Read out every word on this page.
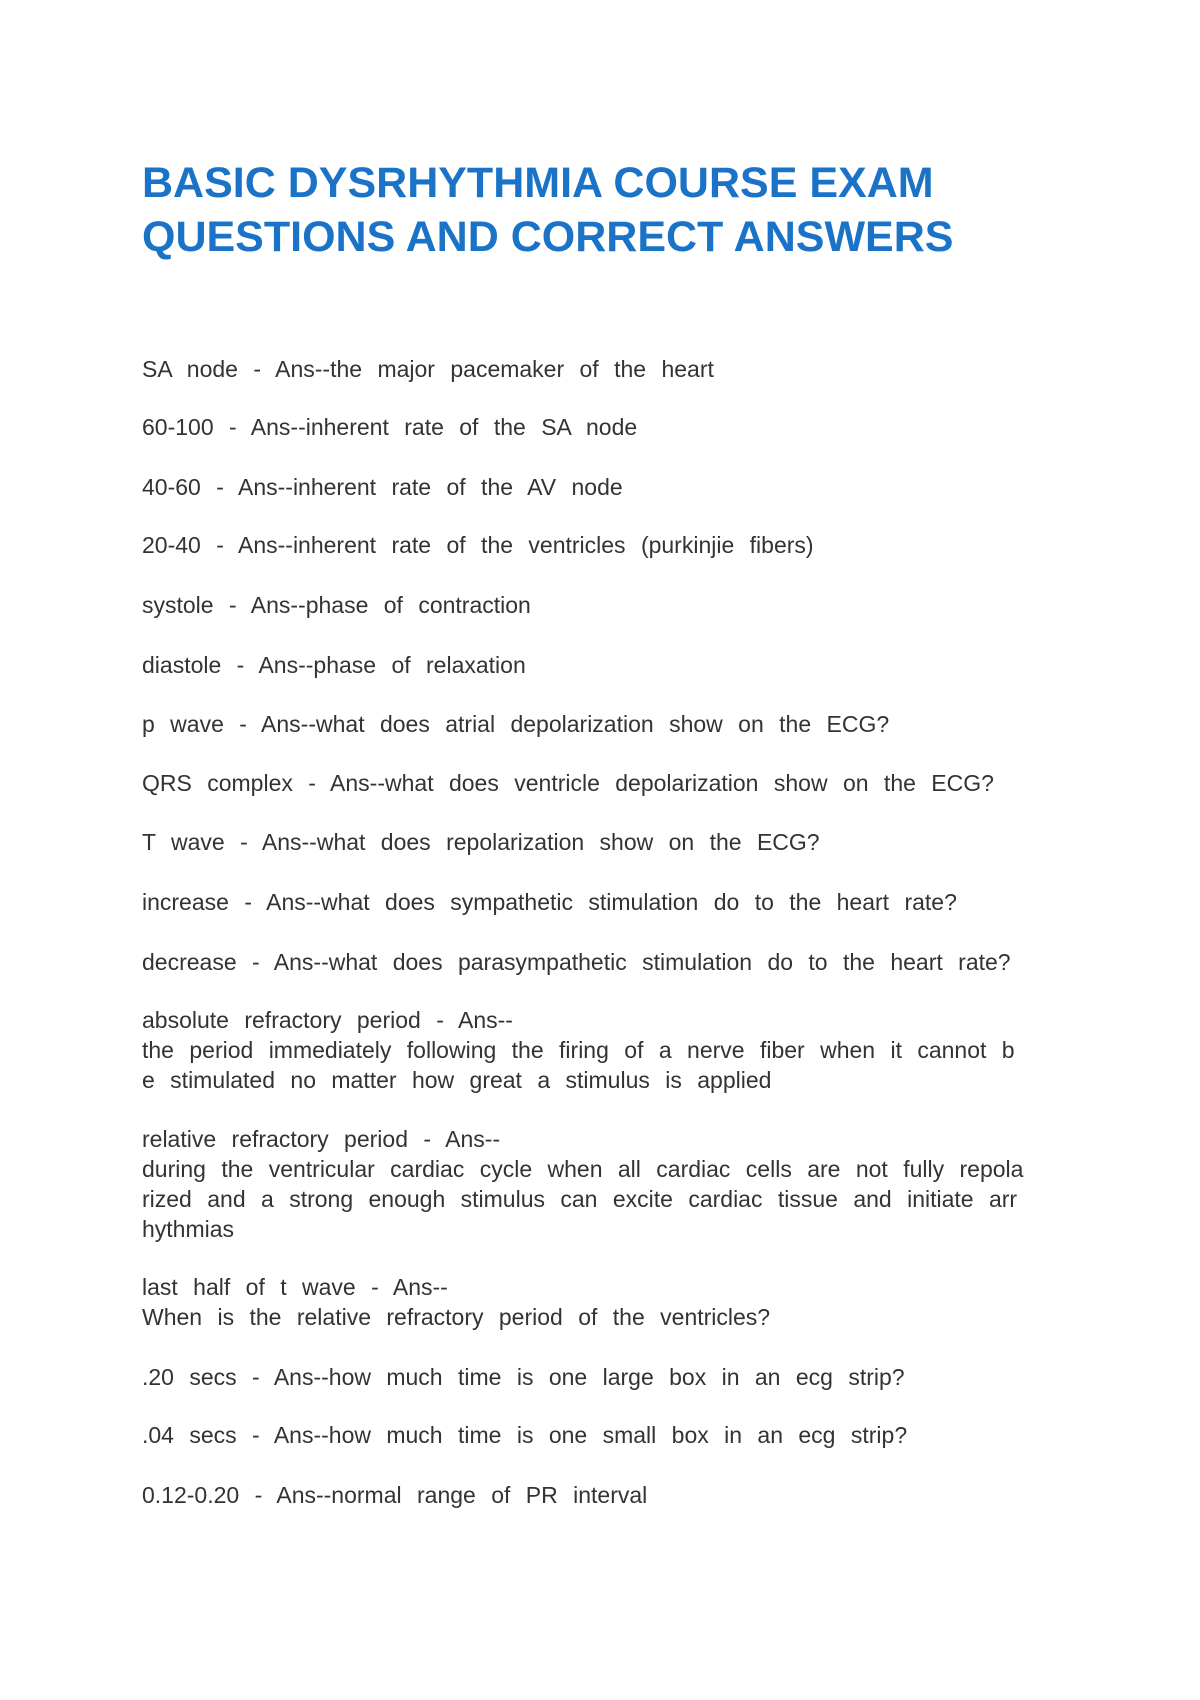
BASIC DYSRHYTHMIA COURSE EXAM
QUESTIONS AND CORRECT ANSWERS

SA node - Ans--the major pacemaker of the heart

60-100 - Ans--inherent rate of the SA node

40-60 - Ans--inherent rate of the AV node

20-40 - Ans--inherent rate of the ventricles (purkinjie fibers)

systole - Ans--phase of contraction

diastole - Ans--phase of relaxation

p wave - Ans--what does atrial depolarization show on the ECG?

QRS complex - Ans--what does ventricle depolarization show on the ECG?

T wave - Ans--what does repolarization show on the ECG?

increase - Ans--what does sympathetic stimulation do to the heart rate?

decrease - Ans--what does parasympathetic stimulation do to the heart rate?

absolute refractory period - Ans--
the period immediately following the firing of a nerve fiber when it cannot b
e stimulated no matter how great a stimulus is applied

relative refractory period - Ans--
during the ventricular cardiac cycle when all cardiac cells are not fully repola
rized and a strong enough stimulus can excite cardiac tissue and initiate arr
hythmias

last half of t wave - Ans--
When is the relative refractory period of the ventricles?

.20 secs - Ans--how much time is one large box in an ecg strip?

.04 secs - Ans--how much time is one small box in an ecg strip?

0.12-0.20 - Ans--normal range of PR interval
